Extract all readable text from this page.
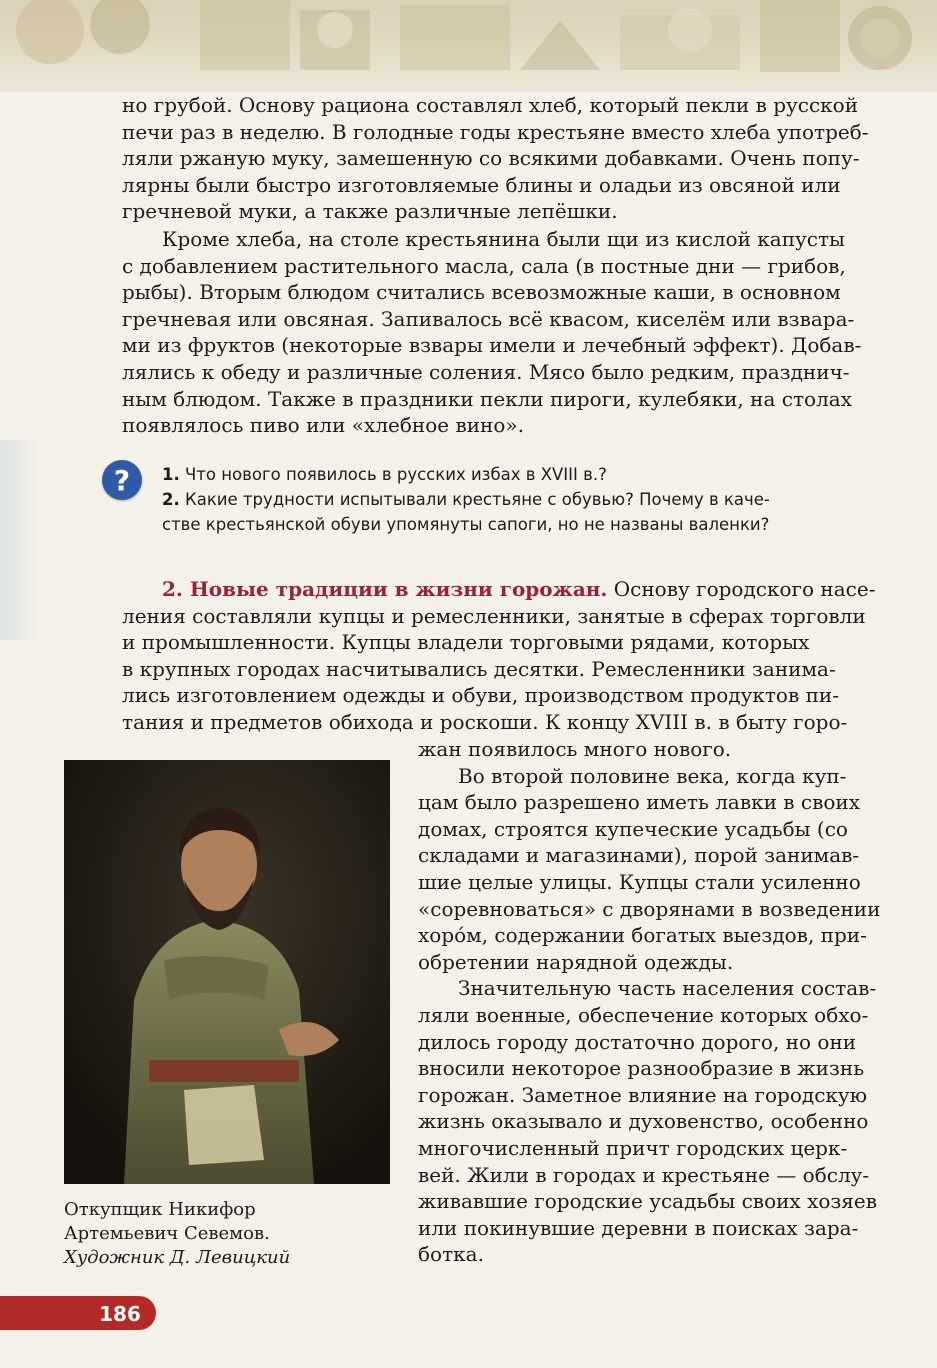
но грубой. Основу рациона составлял хлеб, который пекли в русской

печи раз в неделю. В голодные годы крестьяне вместо хлеба употреб-

ляли ржаную муку, замешенную со всякими добавками. Очень попу-

лярны были быстро изготовляемые блины и оладьи из овсяной или

гречневой муки, а также различные лепёшки.

Кроме хлеба, на столе крестьянина были щи из кислой капусты

с добавлением растительного масла, сала (в постные дни — грибов,

рыбы). Вторым блюдом считались всевозможные каши, в основном

гречневая или овсяная. Запивалось всё квасом, киселём или взвара-

ми из фруктов (некоторые взвары имели и лечебный эффект). Добав-

лялись к обеду и различные соления. Мясо было редким, празднич-

ным блюдом. Также в праздники пекли пироги, кулебяки, на столах

появлялось пиво или «хлебное вино».

?	1. Что нового появилось в русских избах в XVIII в.?

2. Какие трудности испытывали крестьяне с обувью? Почему в каче-

стве крестьянской обуви упомянуты сапоги, но не названы валенки?

2. Новые традиции в жизни горожан. Основу городского насе-

ления составляли купцы и ремесленники, занятые в сферах торговли

и промышленности. Купцы владели торговыми рядами, которых

в крупных городах насчитывались десятки. Ремесленники занима-

лись изготовлением одежды и обуви, производством продуктов пи-

тания и предметов обихода и роскоши. К концу XVIII в. в быту горо-

жан появилось много нового.

Во второй половине века, когда куп-

цам было разрешено иметь лавки в своих

домах, строятся купеческие усадьбы (со

складами и магазинами), порой занимав-

шие целые улицы. Купцы стали усиленно

«соревноваться» с дворянами в возведении

хоро́м, содержании богатых выездов, при-

обретении нарядной одежды.

Значительную часть населения состав-

ляли военные, обеспечение которых обхо-

дилось городу достаточно дорого, но они

вносили некоторое разнообразие в жизнь

горожан. Заметное влияние на городскую

жизнь оказывало и духовенство, особенно

многочисленный причт городских церк-

вей. Жили в городах и крестьяне — обслу-

живавшие городские усадьбы своих хозяев

или покинувшие деревни в поисках зара-

ботка.

Откупщик Никифор
Артемьевич Севемов.
Художник Д. Левицкий
186
